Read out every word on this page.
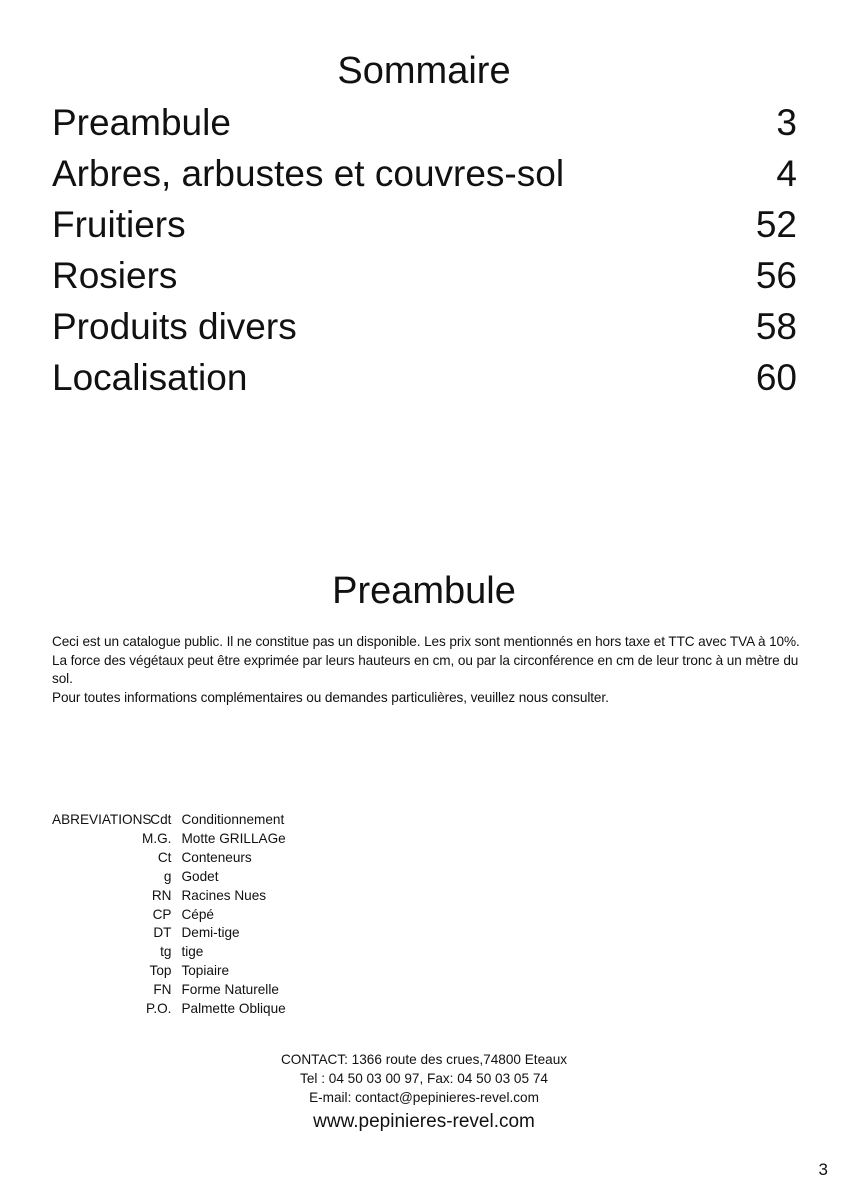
Sommaire
Preambule	3
Arbres, arbustes et couvres-sol	4
Fruitiers	52
Rosiers	56
Produits divers	58
Localisation	60
Preambule

Ceci est un catalogue public. Il ne constitue pas un disponible. Les prix sont mentionnés en hors taxe et TTC avec TVA à 10%.

La force des végétaux peut être exprimée par leurs hauteurs en cm, ou par la circonférence en cm de leur tronc à un mètre du sol.

Pour toutes informations complémentaires ou demandes particulières, veuillez nous consulter.

ABREVIATIONS
Cdt	Conditionnement
M.G.	Motte GRILLAGe
Ct	Conteneurs
g	Godet
RN	Racines Nues
CP	Cépé
DT	Demi-tige
tg	tige
Top	Topiaire
FN	Forme Naturelle
P.O.	Palmette Oblique
CONTACT: 1366 route des crues,74800 Eteaux
Tel : 04 50 03 00 97, Fax: 04 50 03 05 74
E-mail: contact@pepinieres-revel.com
www.pepinieres-revel.com
3
